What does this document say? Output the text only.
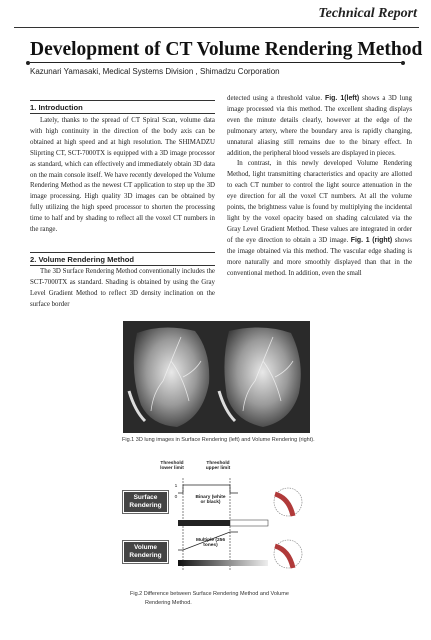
Technical Report
Development of CT Volume Rendering Method
Kazunari Yamasaki, Medical Systems Division , Shimadzu Corporation
1. Introduction
Lately, thanks to the spread of CT Spiral Scan, volume data with high continuity in the direction of the body axis can be obtained at high speed and at high resolution. The SHIMADZU Sliprting CT, SCT-7000TX is equipped with a 3D image processor as standard, which can effectively and immediately obtain 3D data on the main console itself. We have recently developed the Volume Rendering Method as the newest CT application to step up the 3D image processing. High quality 3D images can be obtained by fully utilizing the high speed processor to shorten the processing time to half and by shading to reflect all the voxel CT numbers in the range.
2. Volume Rendering Method
The 3D Surface Rendering Method conventionally includes the SCT-7000TX as standard. Shading is obtained by using the Gray Level Gradient Method to reflect 3D density inclination on the surface border
detected using a threshold value. Fig. 1(left) shows a 3D lung image processed via this method. The excellent shading displays even the minute details clearly, however at the edge of the pulmonary artery, where the boundary area is rapidly changing, unnatural aliasing still remains due to the binary effect. In addition, the peripheral blood vessels are displayed in pieces.
In contrast, in this newly developed Volume Rendering Method, light transmitting characteristics and opacity are allotted to each CT number to control the light source attenuation in the eye direction for all the voxel CT numbers. At all the volume points, the brightness value is found by multiplying the incidental light by the voxel opacity based on shading calculated via the Gray Level Gradient Method. These values are integrated in order of the eye direction to obtain a 3D image. Fig. 1 (right) shows the image obtained via this method. The vascular edge shading is more naturally and more smoothly displayed than that in the conventional method. In addition, even the small
Fig.1 3D lung images in Surface Rendering (left) and Volume Rendering (right).
Threshold lower limit
Threshold upper limit
Surface Rendering
Volume Rendering
1
0	Binary (white or black)
Multiple (256 tones)
Fig.2 Difference between Surface Rendering Method and Volume
Rendering Method.
